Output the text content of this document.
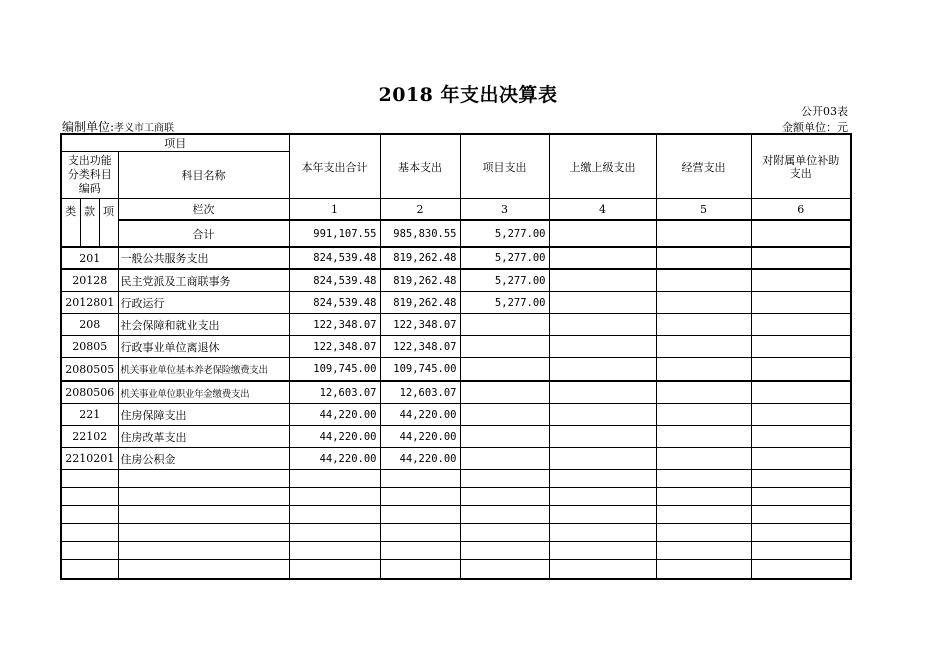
2018 年支出决算表
公开03表
编制单位:孝义市工商联	金额单位：元
项目				本年支出合计	基本支出	项目支出	上缴上级支出	经营支出	对附属单位补助支出
支出功能分类科目编码			科目名称						
类	款	项	栏次	1	2	3	4	5	6
			合计	991,107.55	985,830.55	5,277.00			
201			一般公共服务支出	824,539.48	819,262.48	5,277.00			
20128			民主党派及工商联事务	824,539.48	819,262.48	5,277.00			
2012801			行政运行	824,539.48	819,262.48	5,277.00			
208			社会保障和就业支出	122,348.07	122,348.07				
20805			行政事业单位离退休	122,348.07	122,348.07				
2080505			机关事业单位基本养老保险缴费支出	109,745.00	109,745.00				
2080506			机关事业单位职业年金缴费支出	12,603.07	12,603.07				
221			住房保障支出	44,220.00	44,220.00				
22102			住房改革支出	44,220.00	44,220.00				
2210201			住房公积金	44,220.00	44,220.00				
